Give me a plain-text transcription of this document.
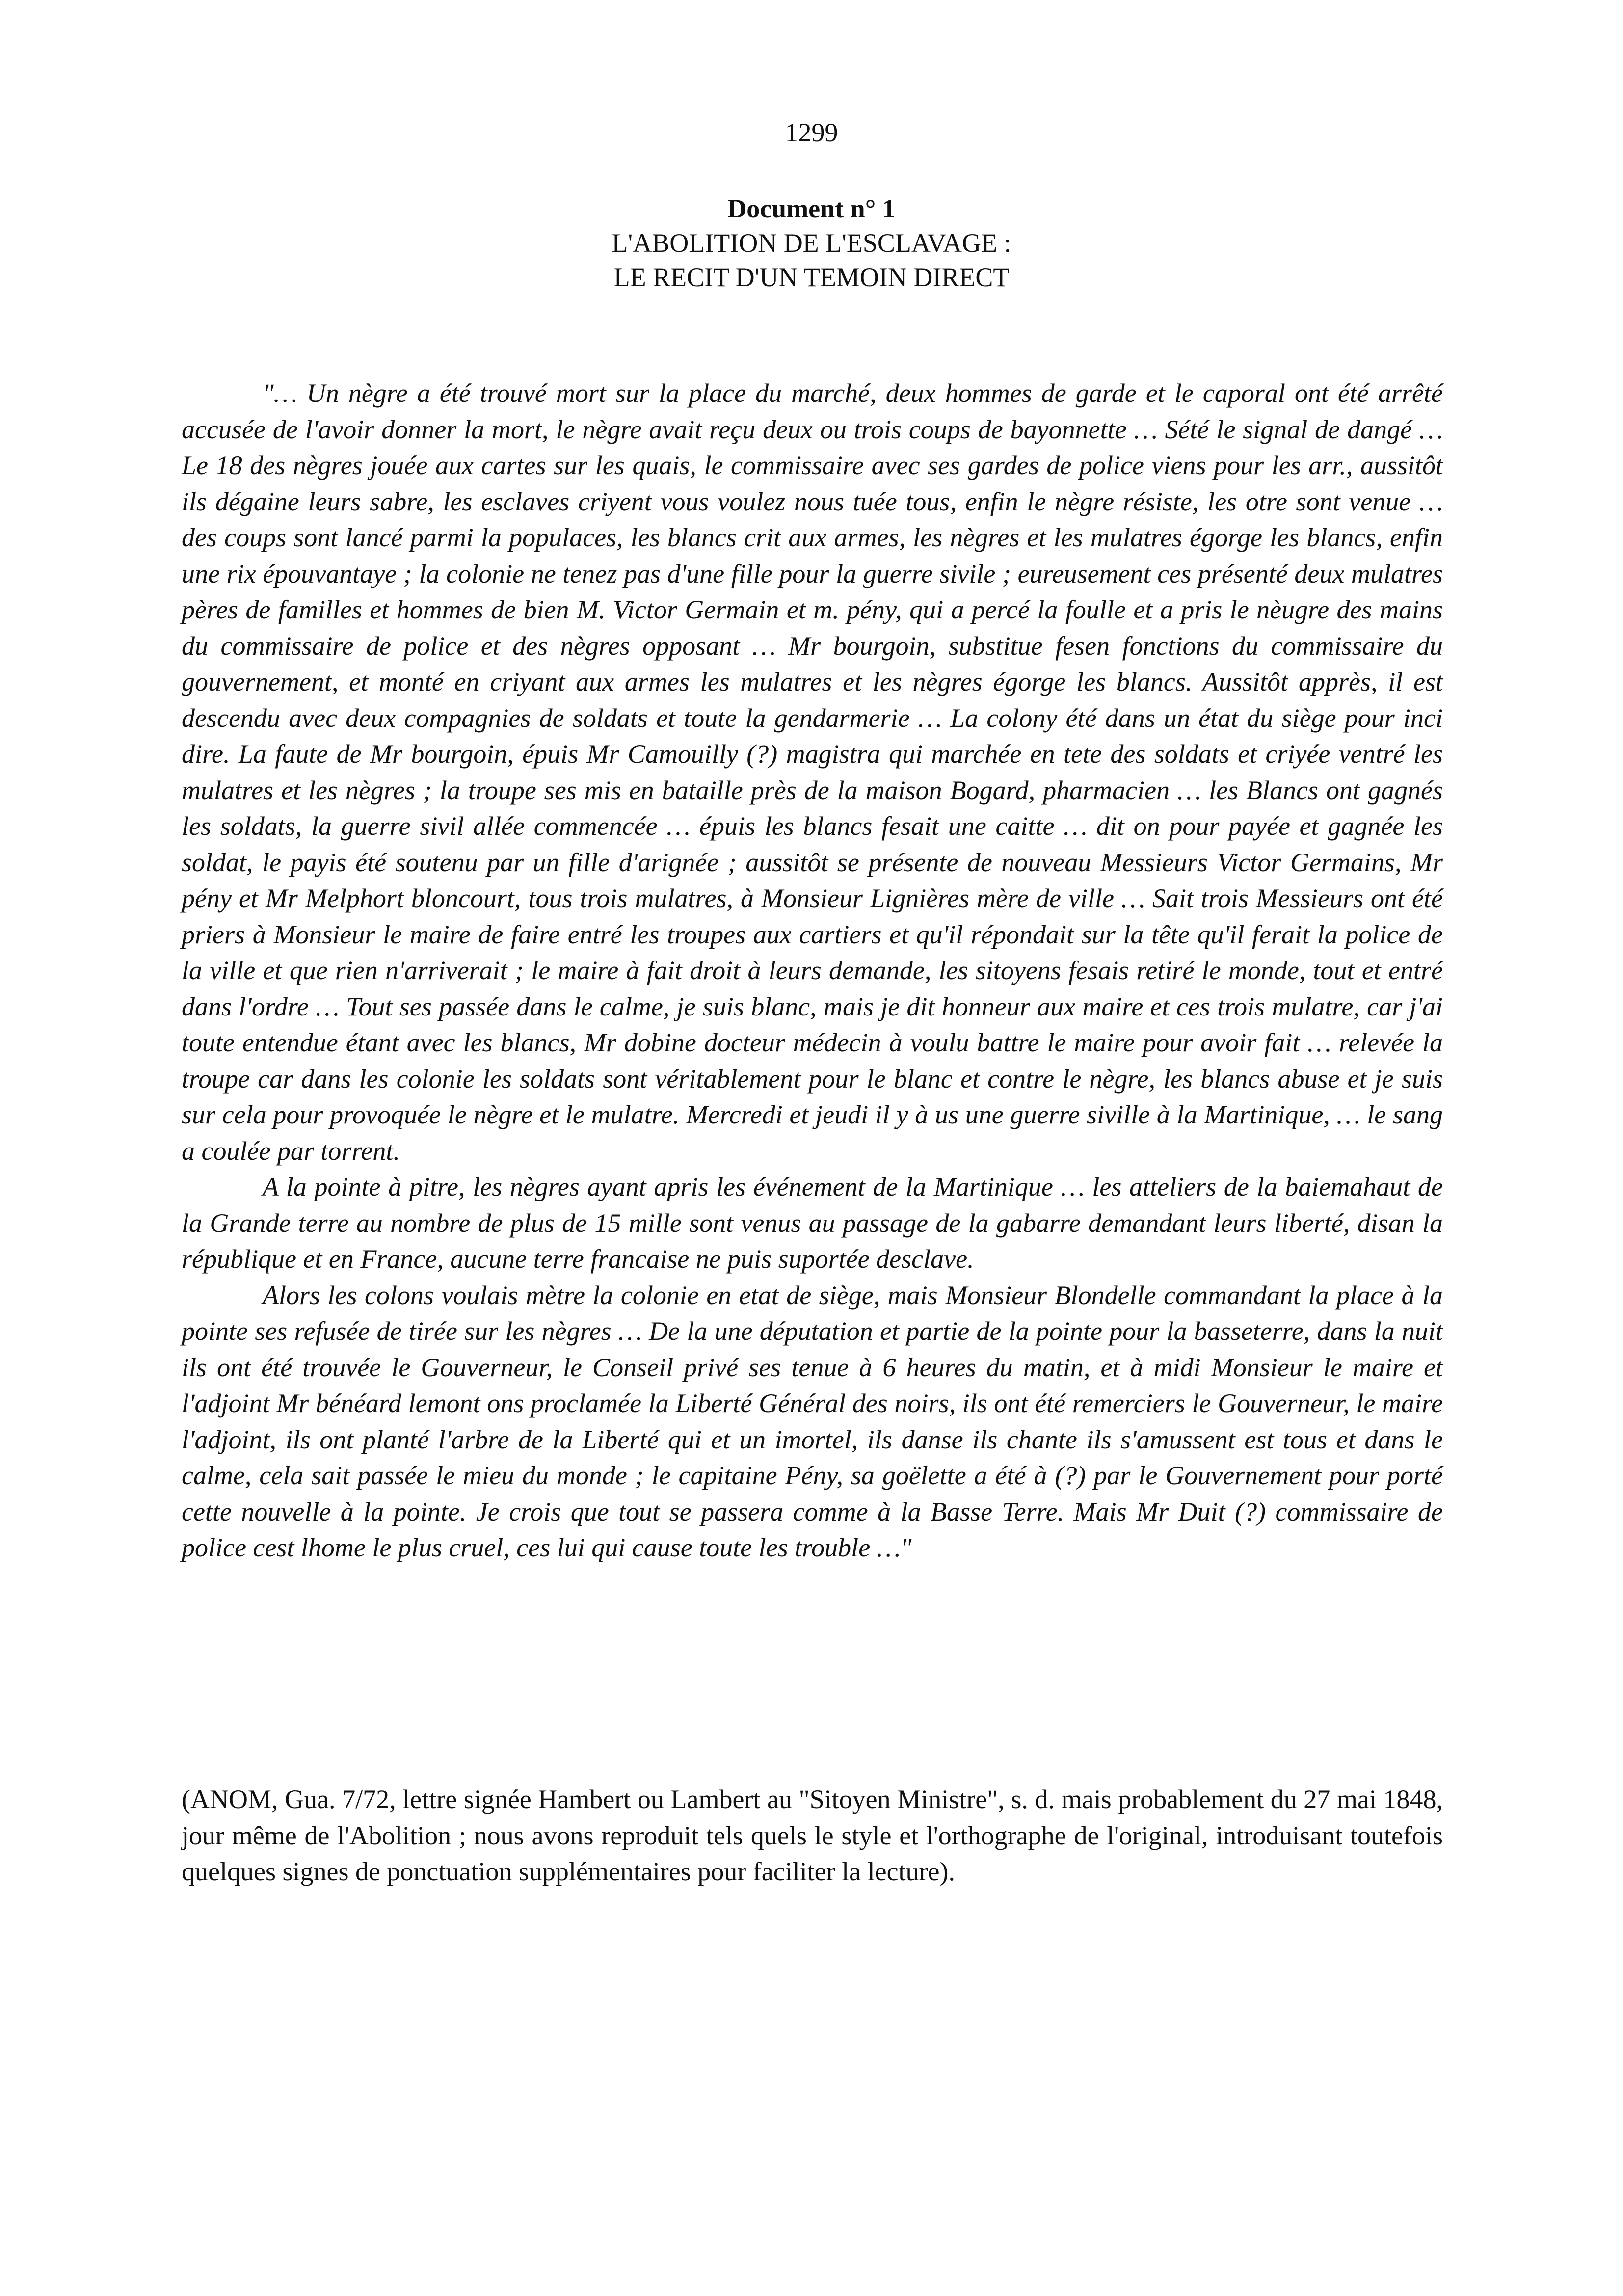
1299
Document n° 1
L'ABOLITION DE L'ESCLAVAGE :
LE RECIT D'UN TEMOIN DIRECT

"… Un nègre a été trouvé mort sur la place du marché, deux hommes de garde et le caporal ont été arrêté accusée de l'avoir donner la mort, le nègre avait reçu deux ou trois coups de bayonnette … Sété le signal de dangé … Le 18 des nègres jouée aux cartes sur les quais, le commissaire avec ses gardes de police viens pour les arr., aussitôt ils dégaine leurs sabre, les esclaves criyent vous voulez nous tuée tous, enfin le nègre résiste, les otre sont venue … des coups sont lancé parmi la populaces, les blancs crit aux armes, les nègres et les mulatres égorge les blancs, enfin une rix épouvantaye ; la colonie ne tenez pas d'une fille pour la guerre sivile ; eureusement ces présenté deux mulatres pères de familles et hommes de bien M. Victor Germain et m. pény, qui a percé la foulle et a pris le nèugre des mains du commissaire de police et des nègres opposant … Mr bourgoin, substitue fesen fonctions du commissaire du gouvernement, et monté en criyant aux armes les mulatres et les nègres égorge les blancs. Aussitôt apprès, il est descendu avec deux compagnies de soldats et toute la gendarmerie … La colony été dans un état du siège pour inci dire. La faute de Mr bourgoin, épuis Mr Camouilly (?) magistra qui marchée en tete des soldats et criyée ventré les mulatres et les nègres ; la troupe ses mis en bataille près de la maison Bogard, pharmacien … les Blancs ont gagnés les soldats, la guerre sivil allée commencée … épuis les blancs fesait une caitte … dit on pour payée et gagnée les soldat, le payis été soutenu par un fille d'arignée ; aussitôt se présente de nouveau Messieurs Victor Germains, Mr pény et Mr Melphort bloncourt, tous trois mulatres, à Monsieur Lignières mère de ville … Sait trois Messieurs ont été priers à Monsieur le maire de faire entré les troupes aux cartiers et qu'il répondait sur la tête qu'il ferait la police de la ville et que rien n'arriverait ; le maire à fait droit à leurs demande, les sitoyens fesais retiré le monde, tout et entré dans l'ordre … Tout ses passée dans le calme, je suis blanc, mais je dit honneur aux maire et ces trois mulatre, car j'ai toute entendue étant avec les blancs, Mr dobine docteur médecin à voulu battre le maire pour avoir fait … relevée la troupe car dans les colonie les soldats sont véritablement pour le blanc et contre le nègre, les blancs abuse et je suis sur cela pour provoquée le nègre et le mulatre. Mercredi et jeudi il y à us une guerre siville à la Martinique, … le sang a coulée par torrent.

A la pointe à pitre, les nègres ayant apris les événement de la Martinique … les atteliers de la baiemahaut de la Grande terre au nombre de plus de 15 mille sont venus au passage de la gabarre demandant leurs liberté, disan la république et en France, aucune terre francaise ne puis suportée desclave.

Alors les colons voulais mètre la colonie en etat de siège, mais Monsieur Blondelle commandant la place à la pointe ses refusée de tirée sur les nègres … De la une députation et partie de la pointe pour la basseterre, dans la nuit ils ont été trouvée le Gouverneur, le Conseil privé ses tenue à 6 heures du matin, et à midi Monsieur le maire et l'adjoint Mr bénéard lemont ons proclamée la Liberté Général des noirs, ils ont été remerciers le Gouverneur, le maire l'adjoint, ils ont planté l'arbre de la Liberté qui et un imortel, ils danse ils chante ils s'amussent est tous et dans le calme, cela sait passée le mieu du monde ; le capitaine Pény, sa goëlette a été à (?) par le Gouvernement pour porté cette nouvelle à la pointe. Je crois que tout se passera comme à la Basse Terre. Mais Mr Duit (?) commissaire de police cest lhome le plus cruel, ces lui qui cause toute les trouble …"

(ANOM, Gua. 7/72, lettre signée Hambert ou Lambert au "Sitoyen Ministre", s. d. mais probablement du 27 mai 1848, jour même de l'Abolition ; nous avons reproduit tels quels le style et l'orthographe de l'original, introduisant toutefois quelques signes de ponctuation supplémentaires pour faciliter la lecture).
